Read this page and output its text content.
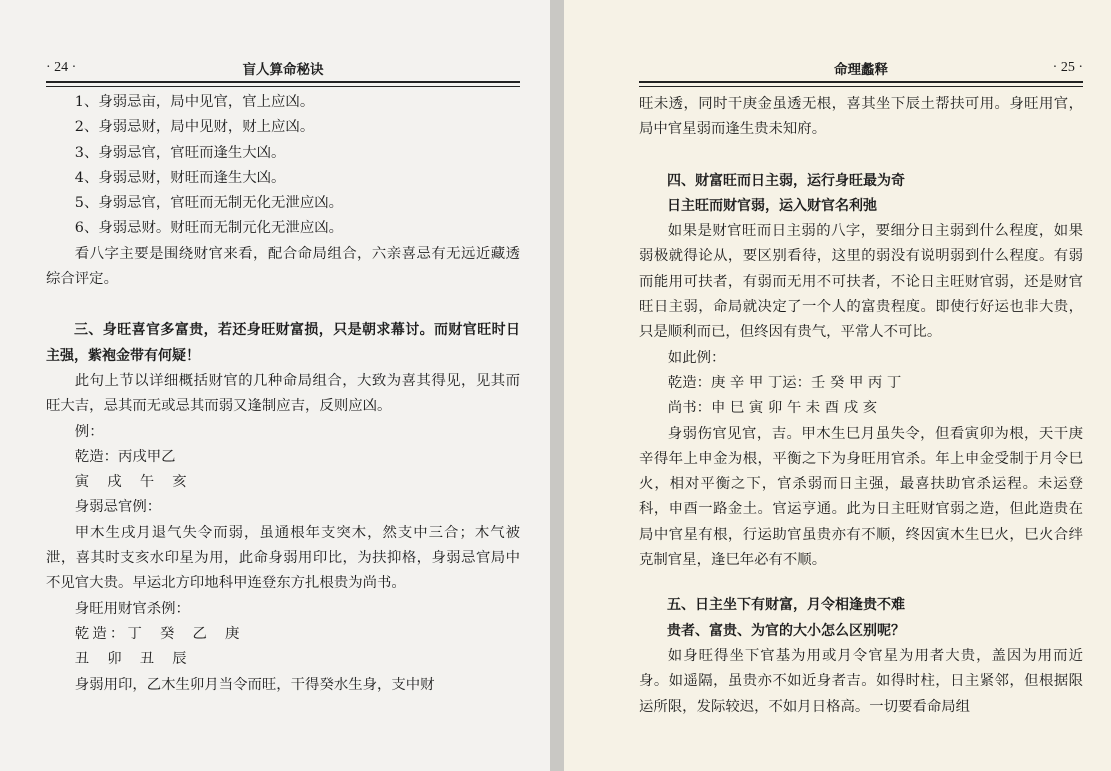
· 24 ·	盲人算命秘诀

1、身弱忌亩，局中见官，官上应凶。

2、身弱忌财，局中见财，财上应凶。

3、身弱忌官，官旺而逢生大凶。

4、身弱忌财，财旺而逢生大凶。

5、身弱忌官，官旺而无制无化无泄应凶。

6、身弱忌财。财旺而无制元化无泄应凶。

看八字主要是围绕财官来看，配合命局组合，六亲喜忌有无远近藏透综合评定。

三、身旺喜官多富贵，若还身旺财富损，只是朝求幕讨。而财官旺时日主强，紫袍金带有何疑！

此句上节以详细概括财官的几种命局组合，大致为喜其得见，见其而旺大吉，忌其而无或忌其而弱又逢制应吉，反则应凶。

例：

乾造：丙戌甲乙

寅 戌 午 亥

身弱忌官例：

甲木生戌月退气失令而弱，虽通根年支突木，然支中三合；木气被泄，喜其时支亥水印星为用，此命身弱用印比，为扶抑格，身弱忌官局中不见官大贵。早运北方印地科甲连登东方扎根贵为尚书。

身旺用财官杀例：

乾造：丁 癸 乙 庚

丑 卯 丑 辰

身弱用印，乙木生卯月当令而旺，干得癸水生身，支中财

命理蠡释	· 25 ·

旺未透，同时干庚金虽透无根，喜其坐下辰土帮扶可用。身旺用官，局中官星弱而逢生贵未知府。

四、财富旺而日主弱，运行身旺最为奇

日主旺而财官弱，运入财官名利弛

如果是财官旺而日主弱的八字，要细分日主弱到什么程度，如果弱极就得论从，要区别看待，这里的弱没有说明弱到什么程度。有弱而能用可扶者，有弱而无用不可扶者，不论日主旺财官弱，还是财官旺日主弱，命局就决定了一个人的富贵程度。即使行好运也非大贵，只是顺利而已，但终因有贵气，平常人不可比。

如此例：

乾造：庚 辛 甲 丁运：壬 癸 甲 丙 丁

尚书：申 巳 寅 卯 午 未 酉 戌 亥

身弱伤官见官，吉。甲木生巳月虽失令，但看寅卯为根，天干庚辛得年上申金为根，平衡之下为身旺用官杀。年上申金受制于月令巳火，相对平衡之下，官杀弱而日主强，最喜扶助官杀运程。未运登科，申酉一路金土。官运亨通。此为日主旺财官弱之造，但此造贵在局中官星有根，行运助官虽贵亦有不顺，终因寅木生巳火，巳火合绊克制官星，逢巳年必有不顺。

五、日主坐下有财富，月令相逢贵不难

贵者、富贵、为官的大小怎么区别呢？

如身旺得坐下官基为用或月令官星为用者大贵，盖因为用而近身。如遥隔，虽贵亦不如近身者吉。如得时柱，日主紧邻，但根据限运所限，发际较迟，不如月日格高。一切要看命局组
